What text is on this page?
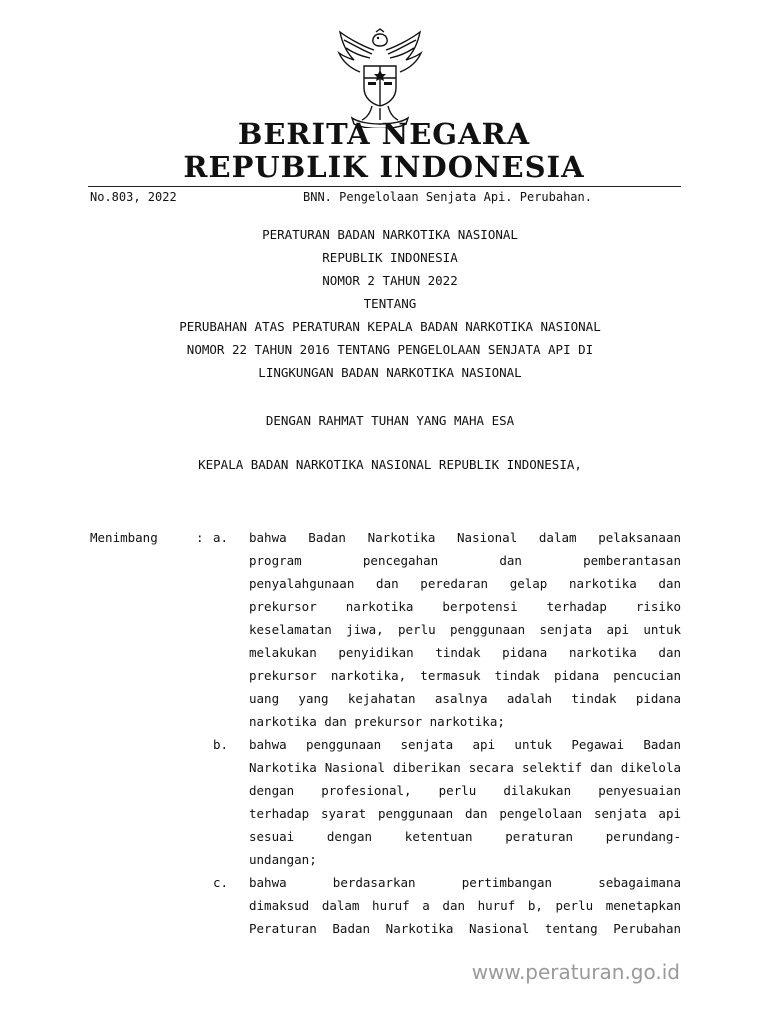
BERITA NEGARA
REPUBLIK INDONESIA
No.803, 2022	BNN. Pengelolaan Senjata Api. Perubahan.
PERATURAN BADAN NARKOTIKA NASIONAL
REPUBLIK INDONESIA
NOMOR 2 TAHUN 2022
TENTANG
PERUBAHAN ATAS PERATURAN KEPALA BADAN NARKOTIKA NASIONAL
NOMOR 22 TAHUN 2016 TENTANG PENGELOLAAN SENJATA API DI
LINGKUNGAN BADAN NARKOTIKA NASIONAL
DENGAN RAHMAT TUHAN YANG MAHA ESA
KEPALA BADAN NARKOTIKA NASIONAL REPUBLIK INDONESIA,
Menimbang	: a. bahwa Badan Narkotika Nasional dalam pelaksanaan
program pencegahan dan pemberantasan
penyalahgunaan dan peredaran gelap narkotika dan
prekursor narkotika berpotensi terhadap risiko
keselamatan jiwa, perlu penggunaan senjata api untuk
melakukan penyidikan tindak pidana narkotika dan
prekursor narkotika, termasuk tindak pidana pencucian
uang yang kejahatan asalnya adalah tindak pidana
narkotika dan prekursor narkotika;
b. bahwa penggunaan senjata api untuk Pegawai Badan
Narkotika Nasional diberikan secara selektif dan dikelola
dengan profesional, perlu dilakukan penyesuaian
terhadap syarat penggunaan dan pengelolaan senjata api
sesuai dengan ketentuan peraturan perundang-
undangan;
c. bahwa berdasarkan pertimbangan sebagaimana
dimaksud dalam huruf a dan huruf b, perlu menetapkan
Peraturan Badan Narkotika Nasional tentang Perubahan
www.peraturan.go.id
